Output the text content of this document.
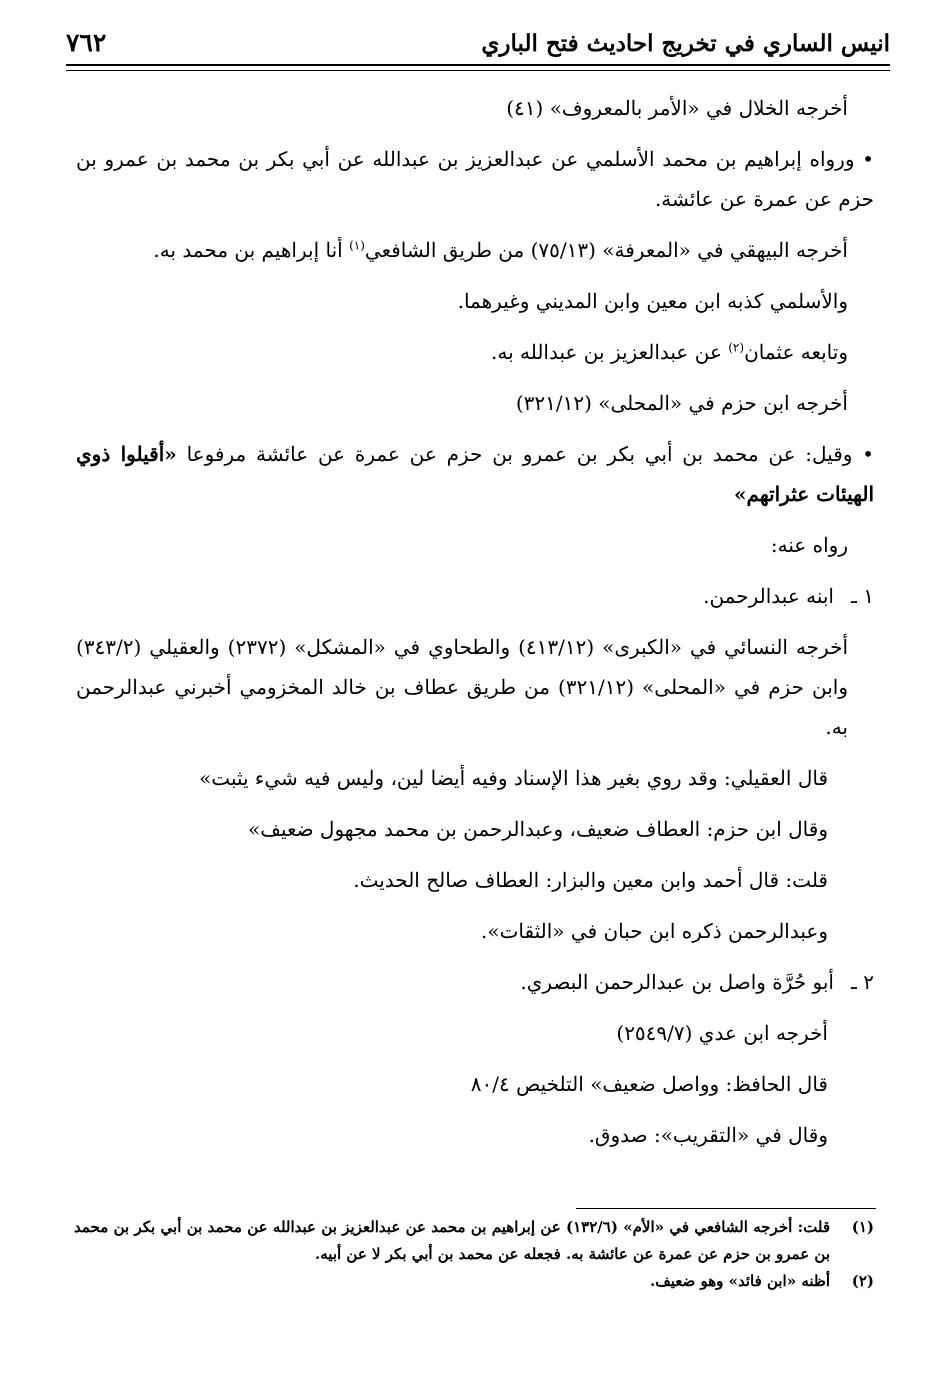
انيس الساري في تخريج احاديث فتح الباري
٧٦٢

أخرجه الخلال في «الأمر بالمعروف» (٤١)

• ورواه إبراهيم بن محمد الأسلمي عن عبدالعزيز بن عبدالله عن أبي بكر بن محمد بن عمرو بن حزم عن عمرة عن عائشة.

أخرجه البيهقي في «المعرفة» (٧٥/١٣) من طريق الشافعي$^{(١)}$ أنا إبراهيم بن محمد به.

والأسلمي كذبه ابن معين وابن المديني وغيرهما.

وتابعه عثمان$^{(٢)}$ عن عبدالعزيز بن عبدالله به.

أخرجه ابن حزم في «المحلى» (٣٢١/١٢)

• وقيل: عن محمد بن أبي بكر بن عمرو بن حزم عن عمرة عن عائشة مرفوعا «أقيلوا ذوي الهيئات عثراتهم»

رواه عنه:

١ ـابنه عبدالرحمن.

أخرجه النسائي في «الكبرى» (٤١٣/١٢) والطحاوي في «المشكل» (٢٣٧٢) والعقيلي (٣٤٣/٢) وابن حزم في «المحلى» (٣٢١/١٢) من طريق عطاف بن خالد المخزومي أخبرني عبدالرحمن به.

قال العقيلي: وقد روي بغير هذا الإسناد وفيه أيضا لين، وليس فيه شيء يثبت»

وقال ابن حزم: العطاف ضعيف، وعبدالرحمن بن محمد مجهول ضعيف»

قلت: قال أحمد وابن معين والبزار: العطاف صالح الحديث.

وعبدالرحمن ذكره ابن حبان في «الثقات».

٢ ـأبو حُرَّة واصل بن عبدالرحمن البصري.

أخرجه ابن عدي (٢٥٤٩/٧)

قال الحافظ: وواصل ضعيف» التلخيص ٨٠/٤

وقال في «التقريب»: صدوق.

(١)
قلت: أخرجه الشافعي في «الأم» (١٣٢/٦) عن إبراهيم بن محمد عن عبدالعزيز بن عبدالله عن محمد بن أبي بكر بن محمد بن عمرو بن حزم عن عمرة عن عائشة به. فجعله عن محمد بن أبي بكر لا عن أبيه.

(٢)
أظنه «ابن فائد» وهو ضعيف.
